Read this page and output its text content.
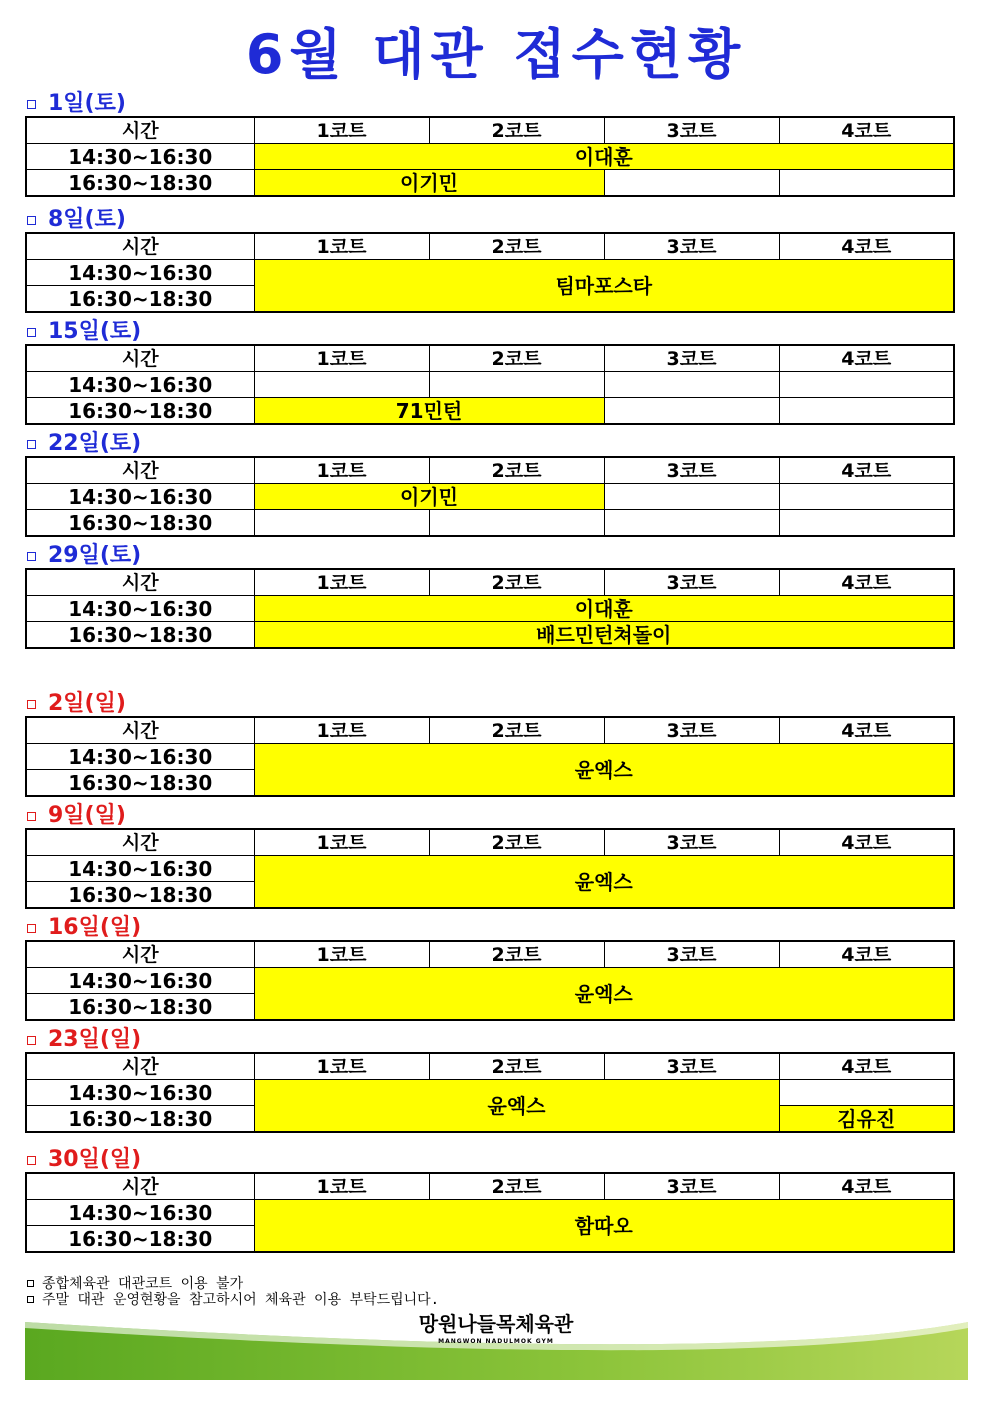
6월 대관 접수현황
1일(토)
시간	1코트	2코트	3코트	4코트
14:30~16:30	이대훈			
16:30~18:30	이기민			
8일(토)
시간	1코트	2코트	3코트	4코트
14:30~16:30	팀마포스타			
16:30~18:30				
15일(토)
시간	1코트	2코트	3코트	4코트
14:30~16:30				
16:30~18:30	71민턴			
22일(토)
시간	1코트	2코트	3코트	4코트
14:30~16:30	이기민			
16:30~18:30				
29일(토)
시간	1코트	2코트	3코트	4코트
14:30~16:30	이대훈			
16:30~18:30	배드민턴쳐돌이			
2일(일)
시간	1코트	2코트	3코트	4코트
14:30~16:30	윤엑스			
16:30~18:30				
9일(일)
시간	1코트	2코트	3코트	4코트
14:30~16:30	윤엑스			
16:30~18:30				
16일(일)
시간	1코트	2코트	3코트	4코트
14:30~16:30	윤엑스			
16:30~18:30				
23일(일)
시간	1코트	2코트	3코트	4코트
14:30~16:30	윤엑스			
16:30~18:30				김유진
30일(일)
시간	1코트	2코트	3코트	4코트
14:30~16:30	함따오			
16:30~18:30				
종합체육관 대관코트 이용 불가
주말 대관 운영현황을 참고하시어 체육관 이용 부탁드립니다.
망원나들목체육관
MANGWON NADULMOK GYM
